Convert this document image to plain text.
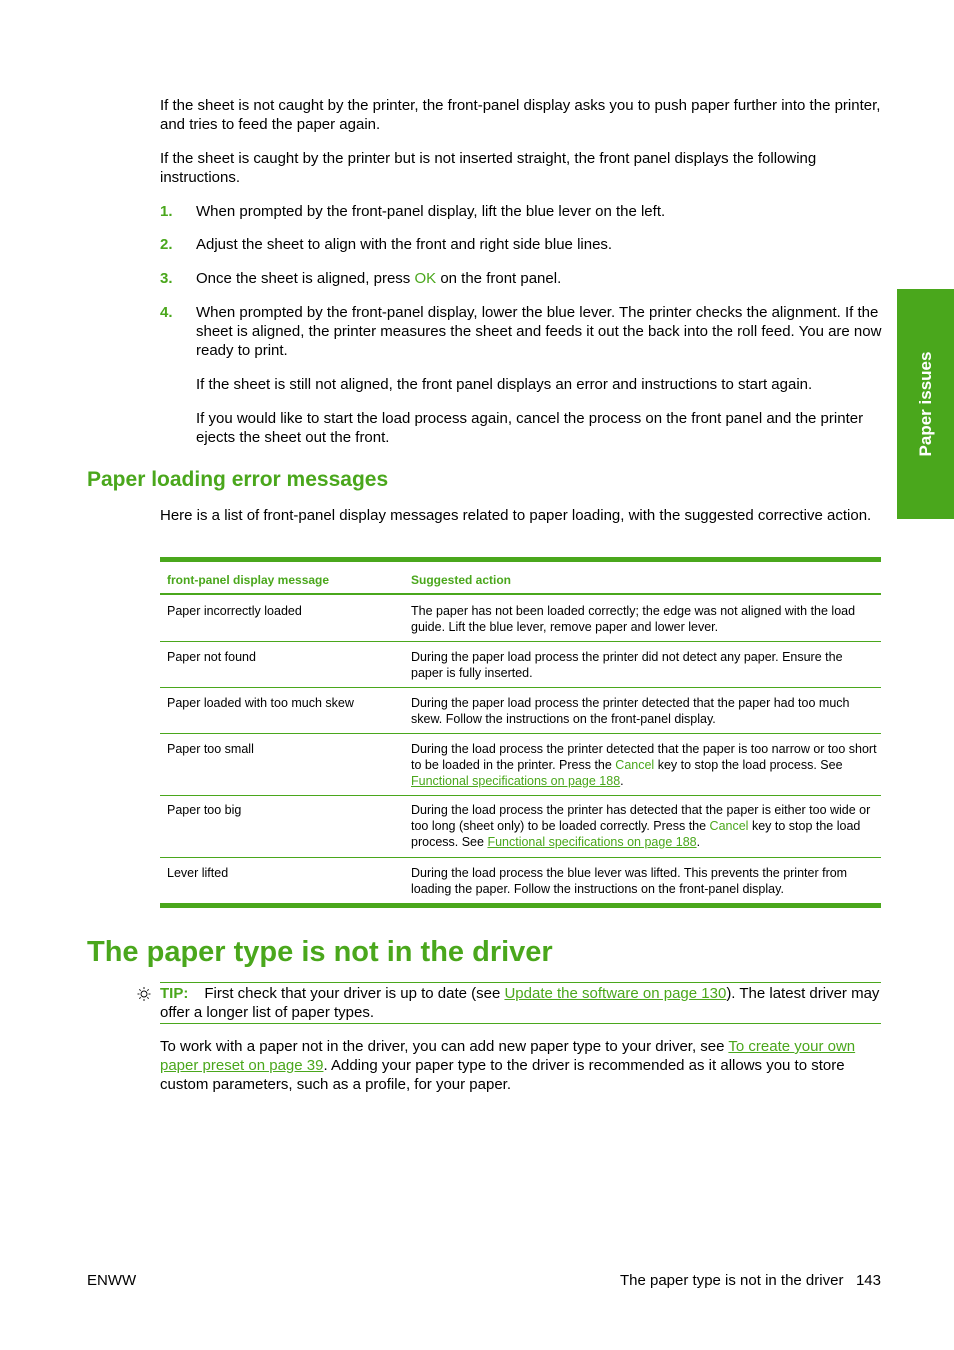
Paper issues

If the sheet is not caught by the printer, the front-panel display asks you to push paper further into the printer, and tries to feed the paper again.

If the sheet is caught by the printer but is not inserted straight, the front panel displays the following instructions.

1. When prompted by the front-panel display, lift the blue lever on the left.

2. Adjust the sheet to align with the front and right side blue lines.

3. Once the sheet is aligned, press OK on the front panel.

4. When prompted by the front-panel display, lower the blue lever. The printer checks the alignment. If the sheet is aligned, the printer measures the sheet and feeds it out the back into the roll feed. You are now ready to print.

If the sheet is still not aligned, the front panel displays an error and instructions to start again.

If you would like to start the load process again, cancel the process on the front panel and the printer ejects the sheet out the front.

Paper loading error messages

Here is a list of front-panel display messages related to paper loading, with the suggested corrective action.

front-panel display message	Suggested action
Paper incorrectly loaded	The paper has not been loaded correctly; the edge was not aligned with the load guide. Lift the blue lever, remove paper and lower lever.
Paper not found	During the paper load process the printer did not detect any paper. Ensure the paper is fully inserted.
Paper loaded with too much skew	During the paper load process the printer detected that the paper had too much skew. Follow the instructions on the front-panel display.
Paper too small	During the load process the printer detected that the paper is too narrow or too short to be loaded in the printer. Press the Cancel key to stop the load process. See Functional specifications on page 188.
Paper too big	During the load process the printer has detected that the paper is either too wide or too long (sheet only) to be loaded correctly. Press the Cancel key to stop the load process. See Functional specifications on page 188.
Lever lifted	During the load process the blue lever was lifted. This prevents the printer from loading the paper. Follow the instructions on the front-panel display.
The paper type is not in the driver

TIP: First check that your driver is up to date (see Update the software on page 130). The latest driver may offer a longer list of paper types.

To work with a paper not in the driver, you can add new paper type to your driver, see To create your own paper preset on page 39. Adding your paper type to the driver is recommended as it allows you to store custom parameters, such as a profile, for your paper.

ENWW	The paper type is not in the driver 143
